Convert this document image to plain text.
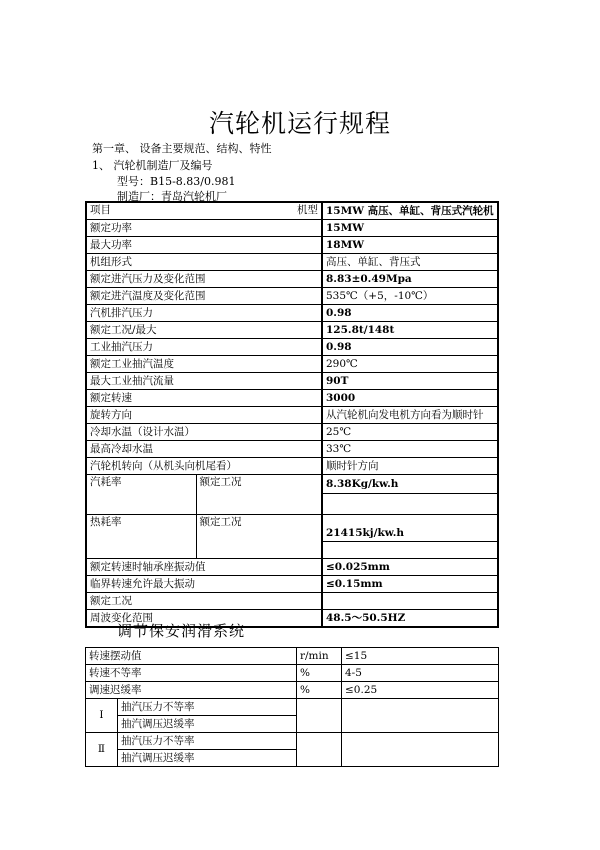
汽轮机运行规程
第一章、 设备主要规范、结构、特性
1、 汽轮机制造厂及编号
型号：B15-8.83/0.981
制造厂：青岛汽轮机厂
项目 机型		15MW 高压、单缸、背压式汽轮机
额定功率		15MW
最大功率		18MW
机组形式		高压、单缸、背压式
额定进汽压力及变化范围		8.83±0.49Mpa
额定进汽温度及变化范围		535℃（+5，-10℃）
汽机排汽压力		0.98
额定工况/最大		125.8t/148t
工业抽汽压力		0.98
额定工业抽汽温度		290℃
最大工业抽汽流量		90T
额定转速		3000
旋转方向		从汽轮机向发电机方向看为顺时针
冷却水温（设计水温）		25℃
最高冷却水温		33℃
汽轮机转向（从机头向机尾看）		顺时针方向
汽耗率	额定工况	8.38Kg/kw.h

热耗率	额定工况	21415kj/kw.h

额定转速时轴承座振动值		≤0.025mm
临界转速允许最大振动		≤0.15mm
额定工况		
周波变化范围		48.5～50.5HZ
调节保安润滑系统
转速摆动值		r/min	≤15
转速不等率		%	4-5
调速迟缓率		%	≤0.25
Ⅰ	抽汽压力不等率		
	抽汽调压迟缓率		
Ⅱ	抽汽压力不等率		
	抽汽调压迟缓率		
